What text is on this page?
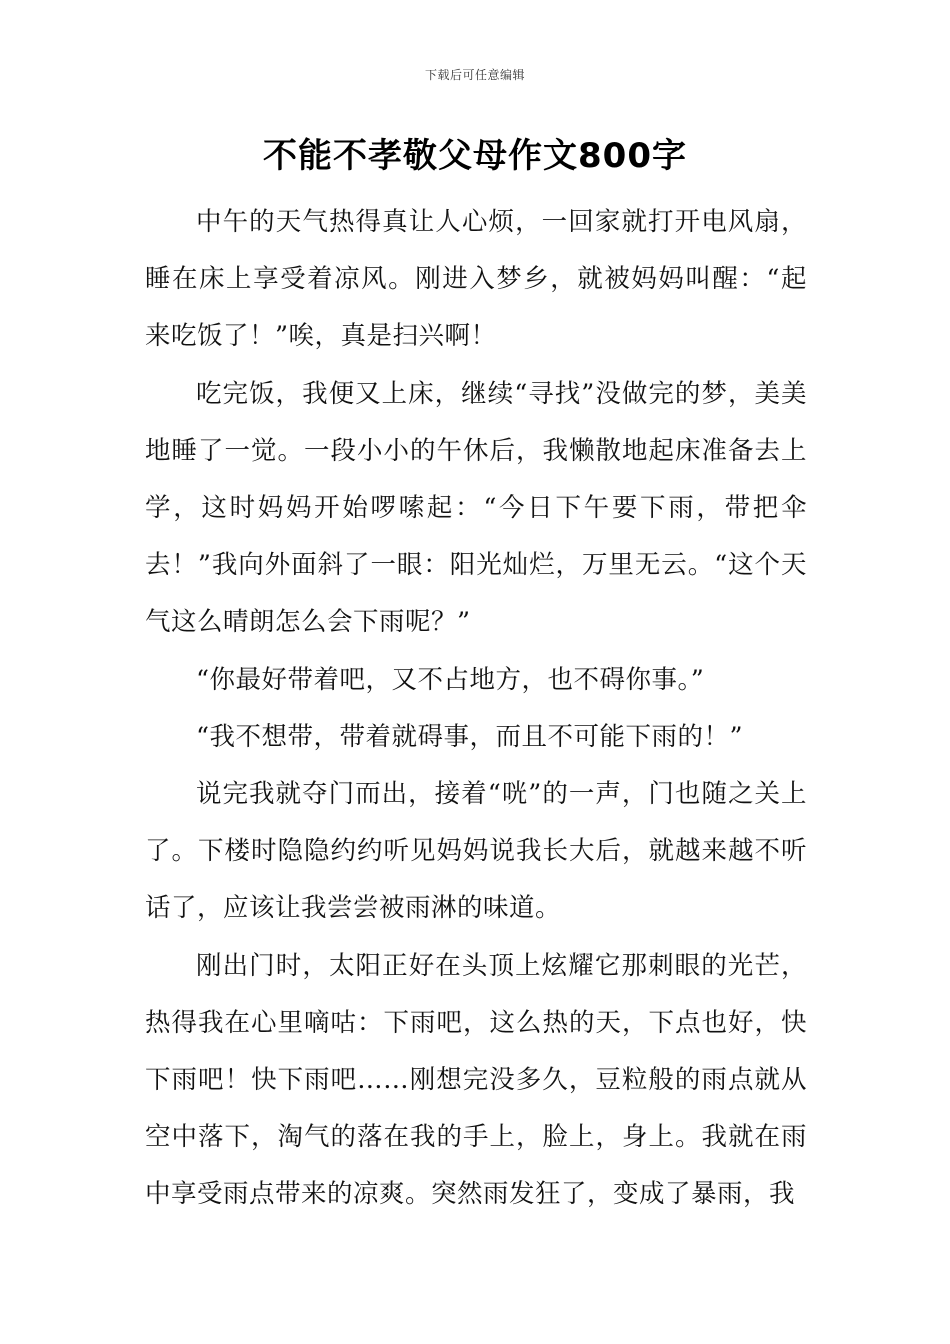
下载后可任意编辑
不能不孝敬父母作文800字

中午的天气热得真让人心烦，一回家就打开电风扇，睡在床上享受着凉风。刚进入梦乡，就被妈妈叫醒：“起来吃饭了！”唉，真是扫兴啊！

吃完饭，我便又上床，继续“寻找”没做完的梦，美美地睡了一觉。一段小小的午休后，我懒散地起床准备去上学，这时妈妈开始啰嗦起：“今日下午要下雨，带把伞去！”我向外面斜了一眼：阳光灿烂，万里无云。“这个天气这么晴朗怎么会下雨呢？”

“你最好带着吧，又不占地方，也不碍你事。”

“我不想带，带着就碍事，而且不可能下雨的！”

说完我就夺门而出，接着“咣”的一声，门也随之关上了。下楼时隐隐约约听见妈妈说我长大后，就越来越不听话了，应该让我尝尝被雨淋的味道。

刚出门时，太阳正好在头顶上炫耀它那刺眼的光芒，热得我在心里嘀咕：下雨吧，这么热的天，下点也好，快下雨吧！快下雨吧……刚想完没多久，豆粒般的雨点就从空中落下，淘气的落在我的手上，脸上，身上。我就在雨中享受雨点带来的凉爽。突然雨发狂了，变成了暴雨，我
